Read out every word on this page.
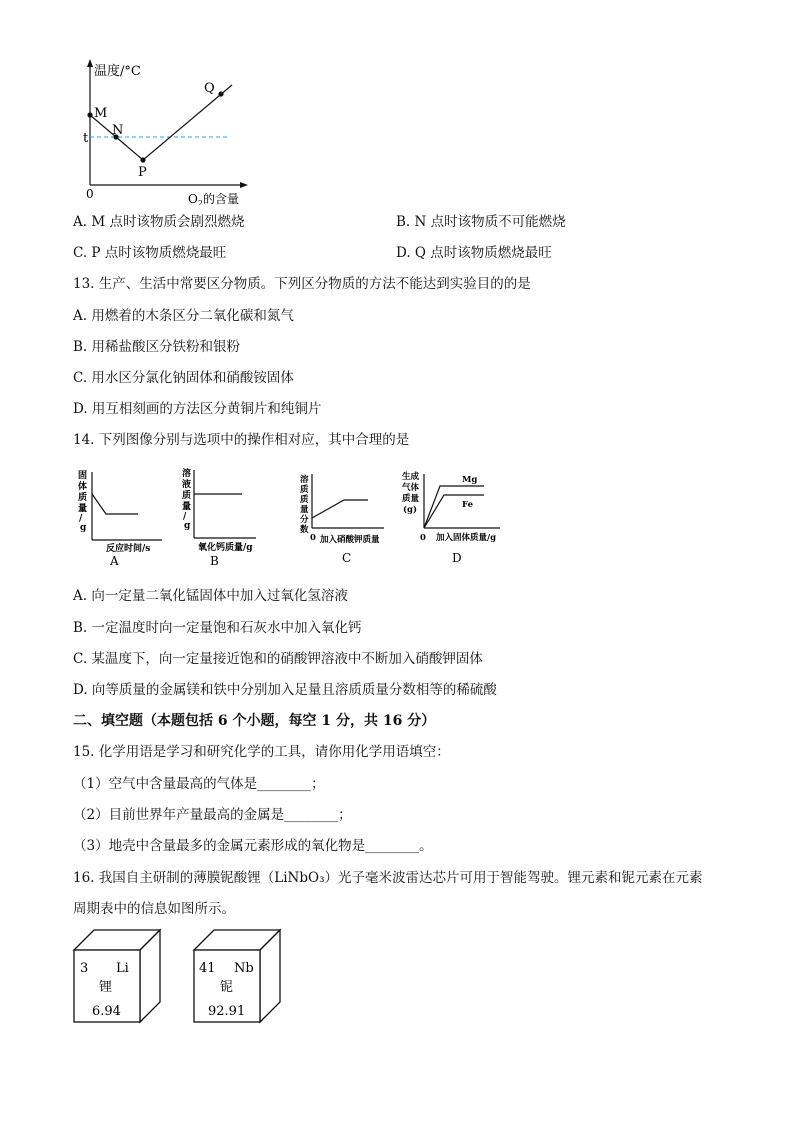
温度/°C
t
M
N
P
Q
0	$O_2$的含量
A. M 点时该物质会剧烈燃烧	B. N 点时该物质不可能燃烧
C. P 点时该物质燃烧最旺	D. Q 点时该物质燃烧最旺
13. 生产、生活中常要区分物质。下列区分物质的方法不能达到实验目的的是
A. 用燃着的木条区分二氧化碳和氮气
B. 用稀盐酸区分铁粉和银粉
C. 用水区分氯化钠固体和硝酸铵固体
D. 用互相刻画的方法区分黄铜片和纯铜片
14. 下列图像分别与选项中的操作相对应，其中合理的是
固
体
质
量
/
g
反应时间/s
A
溶
液
质
量
/
g
氧化钙质量/g
B
溶
质
质
量
分
数
0 加入硝酸钾质量
C
生成
气体
质量
(g)
Mg
Fe
0 加入固体质量/g
D
A. 向一定量二氧化锰固体中加入过氧化氢溶液
B. 一定温度时向一定量饱和石灰水中加入氧化钙
C. 某温度下，向一定量接近饱和的硝酸钾溶液中不断加入硝酸钾固体
D. 向等质量的金属镁和铁中分别加入足量且溶质质量分数相等的稀硫酸
二、填空题（本题包括 6 个小题，每空 1 分，共 16 分）
15. 化学用语是学习和研究化学的工具，请你用化学用语填空：
（1）空气中含量最高的气体是________；
（2）目前世界年产量最高的金属是________；
（3）地壳中含量最多的金属元素形成的氧化物是________。
16. 我国自主研制的薄膜铌酸锂（LiNbO₃）光子毫米波雷达芯片可用于智能驾驶。锂元素和铌元素在元素
周期表中的信息如图所示。
3 Li
锂
6.94
41 Nb
铌
92.91
